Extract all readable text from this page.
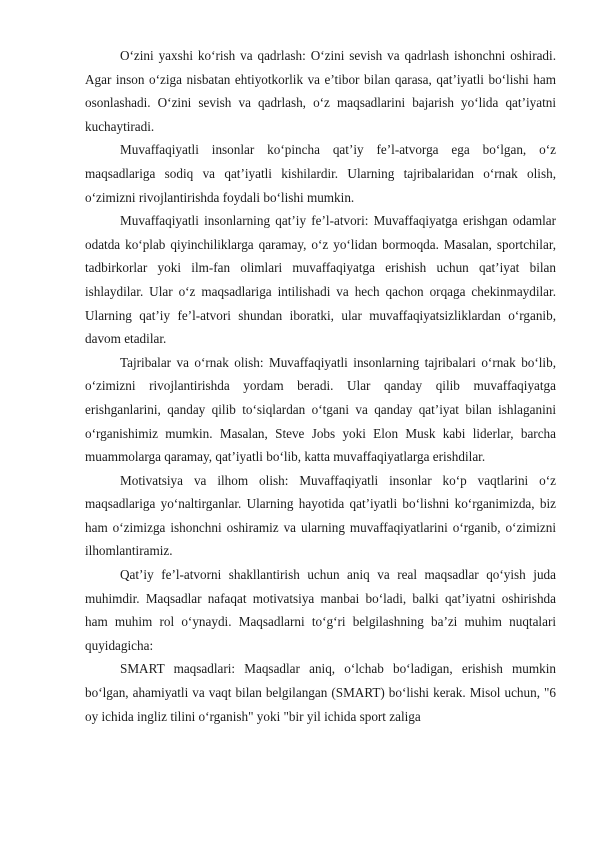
O‘zini yaxshi ko‘rish va qadrlash: O‘zini sevish va qadrlash ishonchni oshiradi. Agar inson o‘ziga nisbatan ehtiyotkorlik va e’tibor bilan qarasa, qat’iyatli bo‘lishi ham osonlashadi. O‘zini sevish va qadrlash, o‘z maqsadlarini bajarish yo‘lida qat’iyatni kuchaytiradi.

Muvaffaqiyatli insonlar ko‘pincha qat’iy fe’l-atvorga ega bo‘lgan, o‘z maqsadlariga sodiq va qat’iyatli kishilardir. Ularning tajribalaridan o‘rnak olish, o‘zimizni rivojlantirishda foydali bo‘lishi mumkin.

Muvaffaqiyatli insonlarning qat’iy fe’l-atvori: Muvaffaqiyatga erishgan odamlar odatda ko‘plab qiyinchiliklarga qaramay, o‘z yo‘lidan bormoqda. Masalan, sportchilar, tadbirkorlar yoki ilm-fan olimlari muvaffaqiyatga erishish uchun qat’iyat bilan ishlaydilar. Ular o‘z maqsadlariga intilishadi va hech qachon orqaga chekinmaydilar. Ularning qat’iy fe’l-atvori shundan iboratki, ular muvaffaqiyatsizliklardan o‘rganib, davom etadilar.

Tajribalar va o‘rnak olish: Muvaffaqiyatli insonlarning tajribalari o‘rnak bo‘lib, o‘zimizni rivojlantirishda yordam beradi. Ular qanday qilib muvaffaqiyatga erishganlarini, qanday qilib to‘siqlardan o‘tgani va qanday qat’iyat bilan ishlaganini o‘rganishimiz mumkin. Masalan, Steve Jobs yoki Elon Musk kabi liderlar, barcha muammolarga qaramay, qat’iyatli bo‘lib, katta muvaffaqiyatlarga erishdilar.

Motivatsiya va ilhom olish: Muvaffaqiyatli insonlar ko‘p vaqtlarini o‘z maqsadlariga yo‘naltirganlar. Ularning hayotida qat’iyatli bo‘lishni ko‘rganimizda, biz ham o‘zimizga ishonchni oshiramiz va ularning muvaffaqiyatlarini o‘rganib, o‘zimizni ilhomlantiramiz.

Qat’iy fe’l-atvorni shakllantirish uchun aniq va real maqsadlar qo‘yish juda muhimdir. Maqsadlar nafaqat motivatsiya manbai bo‘ladi, balki qat’iyatni oshirishda ham muhim rol o‘ynaydi. Maqsadlarni to‘g‘ri belgilashning ba’zi muhim nuqtalari quyidagicha:

SMART maqsadlari: Maqsadlar aniq, o‘lchab bo‘ladigan, erishish mumkin bo‘lgan, ahamiyatli va vaqt bilan belgilangan (SMART) bo‘lishi kerak. Misol uchun, "6 oy ichida ingliz tilini o‘rganish" yoki "bir yil ichida sport zaliga
